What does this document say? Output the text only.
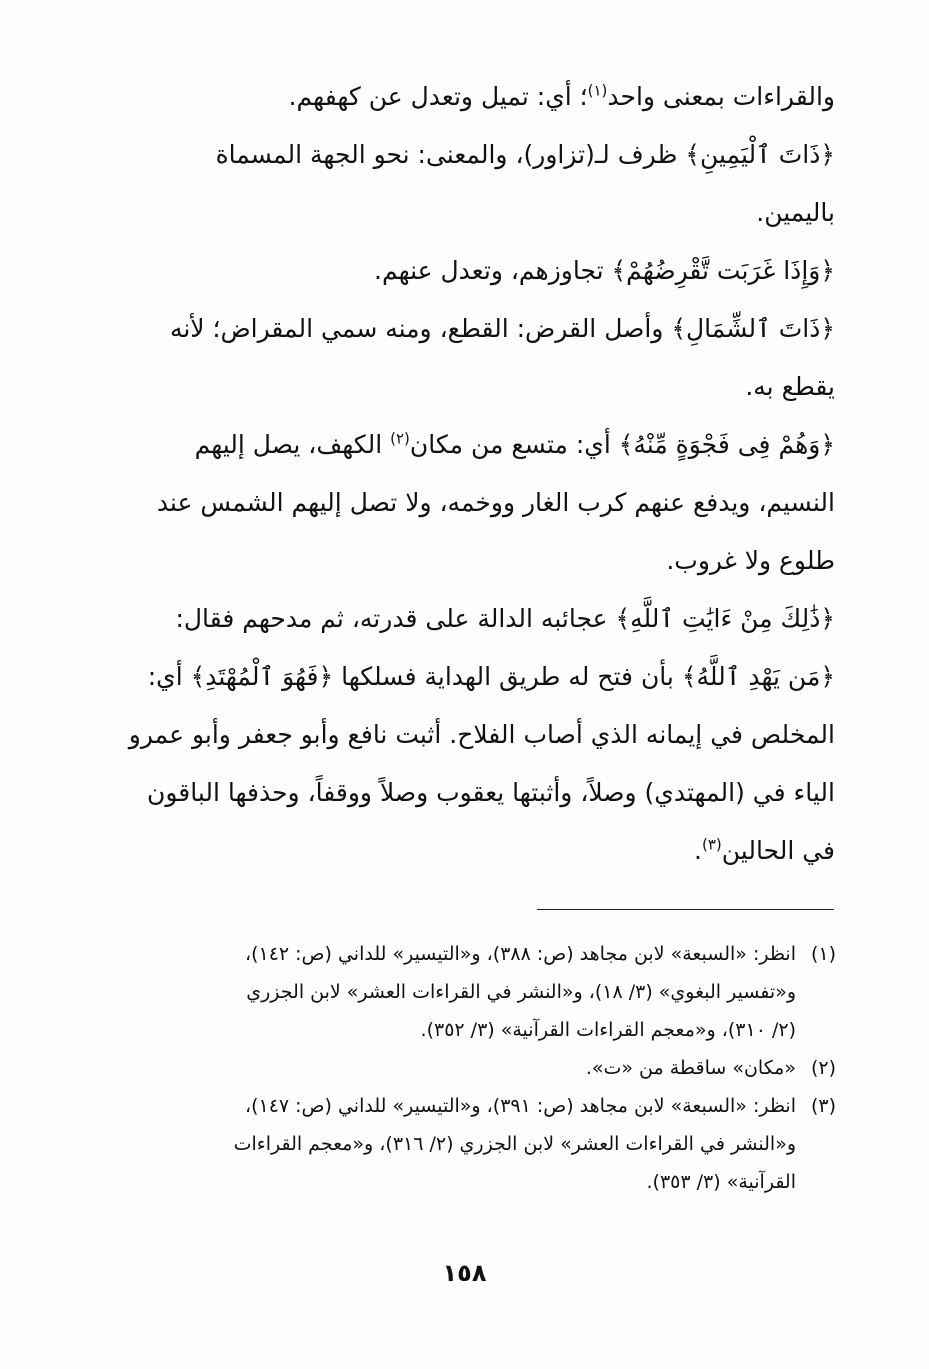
والقراءات بمعنى واحد$^{(١)}$؛ أي: تميل وتعدل عن كهفهم.

﴿ذَاتَ ٱلْيَمِينِ﴾ ظرف لـ(تزاور)، والمعنى: نحو الجهة المسماة
باليمين.

﴿وَإِذَا غَرَبَت تَّقْرِضُهُمْ﴾ تجاوزهم، وتعدل عنهم.

﴿ذَاتَ ٱلشِّمَالِ﴾ وأصل القرض: القطع، ومنه سمي المقراض؛ لأنه
يقطع به.

﴿وَهُمْ فِى فَجْوَةٍ مِّنْهُ﴾ أي: متسع من مكان$^{(٢)}$ الكهف، يصل إليهم
النسيم، ويدفع عنهم كرب الغار ووخمه، ولا تصل إليهم الشمس عند
طلوع ولا غروب.

﴿ذَٰلِكَ مِنْ ءَايَٰتِ ٱللَّهِ﴾ عجائبه الدالة على قدرته، ثم مدحهم فقال:

﴿مَن يَهْدِ ٱللَّهُ﴾ بأن فتح له طريق الهداية فسلكها ﴿فَهُوَ ٱلْمُهْتَدِ﴾ أي:
المخلص في إيمانه الذي أصاب الفلاح. أثبت نافع وأبو جعفر وأبو عمرو
الياء في (المهتدي) وصلاً، وأثبتها يعقوب وصلاً ووقفاً، وحذفها الباقون
في الحالين$^{(٣)}$.

(١)
انظر: «السبعة» لابن مجاهد (ص: ٣٨٨)، و«التيسير» للداني (ص: ١٤٢)،
و«تفسير البغوي» (٣/ ١٨)، و«النشر في القراءات العشر» لابن الجزري
(٢/ ٣١٠)، و«معجم القراءات القرآنية» (٣/ ٣٥٢).
(٢)
«مكان» ساقطة من «ت».
(٣)
انظر: «السبعة» لابن مجاهد (ص: ٣٩١)، و«التيسير» للداني (ص: ١٤٧)،
و«النشر في القراءات العشر» لابن الجزري (٢/ ٣١٦)، و«معجم القراءات
القرآنية» (٣/ ٣٥٣).
١٥٨
